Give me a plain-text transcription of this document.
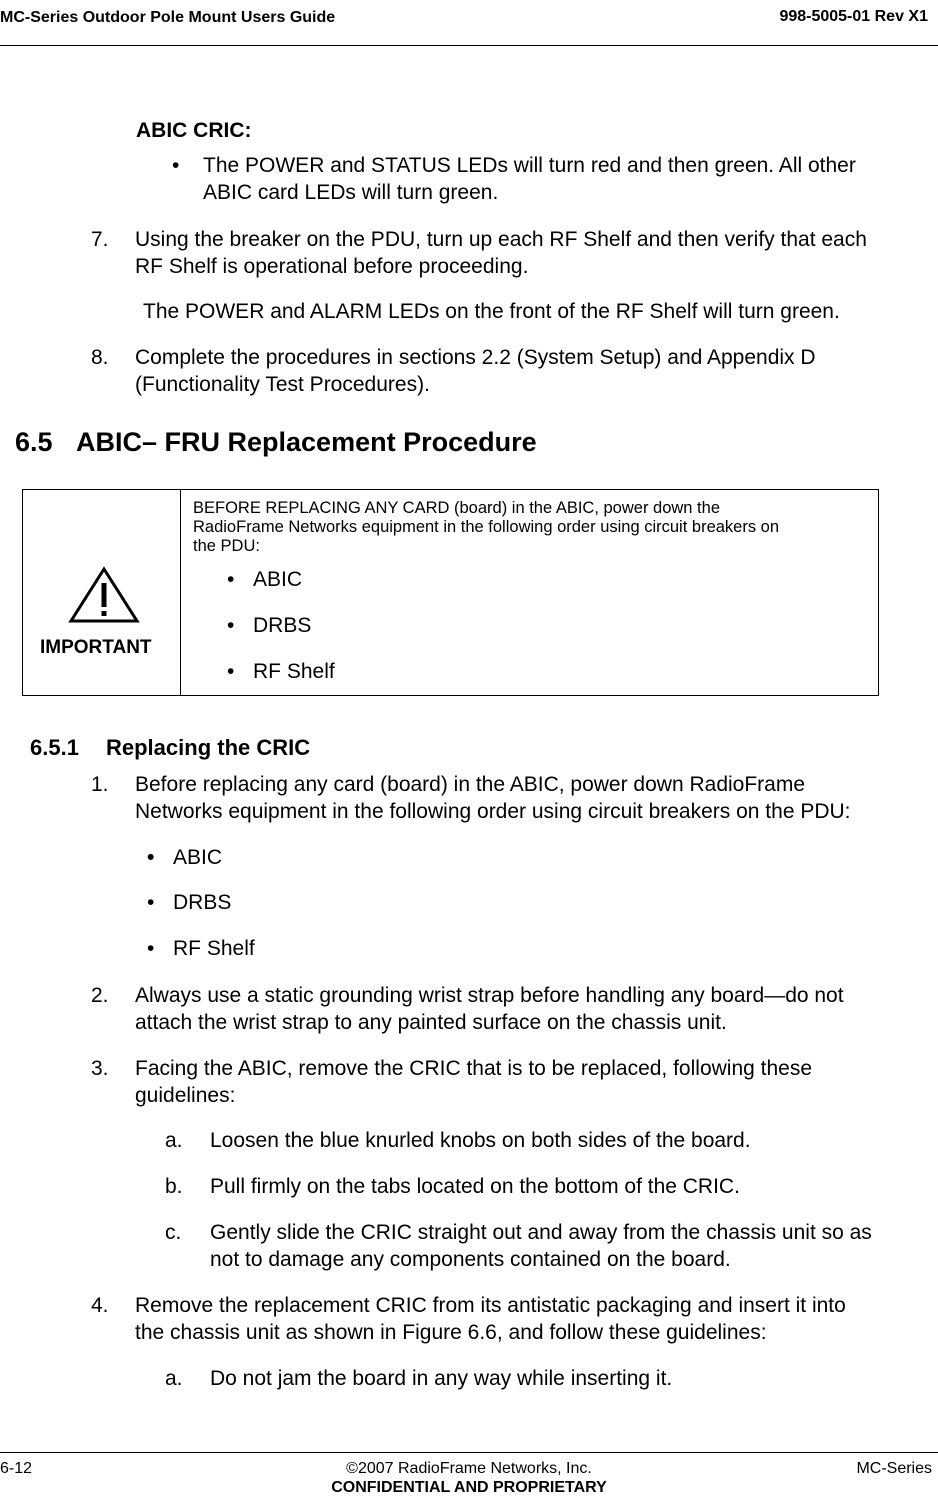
MC-Series Outdoor Pole Mount Users Guide	998-5005-01 Rev X1
ABIC CRIC:
• The POWER and STATUS LEDs will turn red and then green. All other
ABIC card LEDs will turn green.
7. Using the breaker on the PDU, turn up each RF Shelf and then verify that each
RF Shelf is operational before proceeding.
The POWER and ALARM LEDs on the front of the RF Shelf will turn green.
8. Complete the procedures in sections 2.2 (System Setup) and Appendix D
(Functionality Test Procedures).
6.5 ABIC– FRU Replacement Procedure
IMPORTANT
BEFORE REPLACING ANY CARD (board) in the ABIC, power down the
RadioFrame Networks equipment in the following order using circuit breakers on
the PDU:
• ABIC
• DRBS
• RF Shelf
6.5.1 Replacing the CRIC
1. Before replacing any card (board) in the ABIC, power down RadioFrame
Networks equipment in the following order using circuit breakers on the PDU:
• ABIC
• DRBS
• RF Shelf
2. Always use a static grounding wrist strap before handling any board—do not
attach the wrist strap to any painted surface on the chassis unit.
3. Facing the ABIC, remove the CRIC that is to be replaced, following these
guidelines:
a. Loosen the blue knurled knobs on both sides of the board.
b. Pull firmly on the tabs located on the bottom of the CRIC.
c. Gently slide the CRIC straight out and away from the chassis unit so as
not to damage any components contained on the board.
4. Remove the replacement CRIC from its antistatic packaging and insert it into
the chassis unit as shown in Figure 6.6, and follow these guidelines:
a. Do not jam the board in any way while inserting it.
6-12	©2007 RadioFrame Networks, Inc.	MC-Series
CONFIDENTIAL AND PROPRIETARY
